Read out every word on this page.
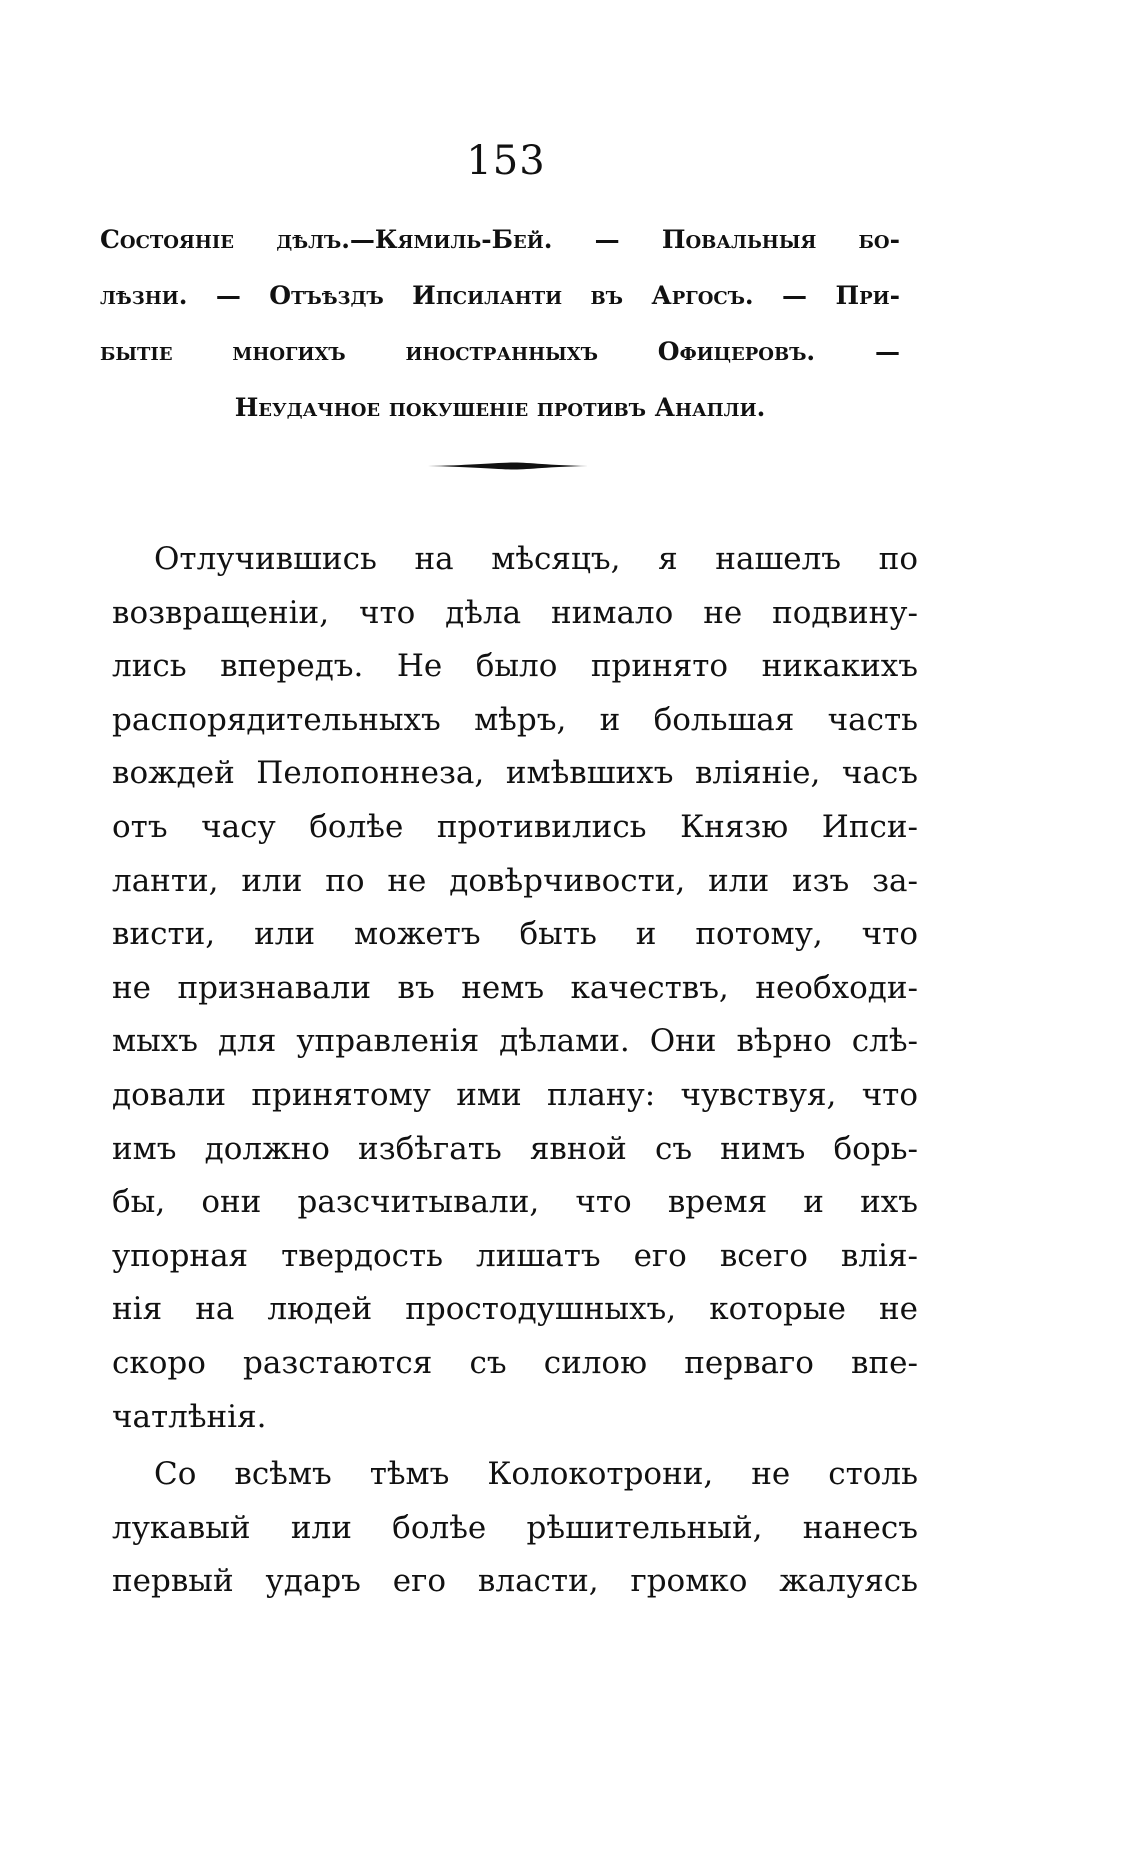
153
Состояніе дѣлъ.—Кямиль-Бей. — Повальныя бо-
лѣзни. — Отъѣздъ Ипсиланти въ Аргосъ. — При-
бытіе многихъ иностранныхъ Офицеровъ. —
Неудачное покушеніе противъ Анапли.
Отлучившись на мѣсяцъ, я нашелъ по
возвращеніи, что дѣла нимало не подвину-
лись впередъ. Не было принято никакихъ
распорядительныхъ мѣръ, и большая часть
вождей Пелопоннеза, имѣвшихъ вліяніе, часъ
отъ часу болѣе противились Князю Ипси-
ланти, или по не довѣрчивости, или изъ за-
висти, или можетъ быть и потому, что
не признавали въ немъ качествъ, необходи-
мыхъ для управленія дѣлами. Они вѣрно слѣ-
довали принятому ими плану: чувствуя, что
имъ должно избѣгать явной съ нимъ борь-
бы, они разсчитывали, что время и ихъ
упорная твердость лишатъ его всего влія-
нія на людей простодушныхъ, которые не
скоро разстаются съ силою перваго впе-
чатлѣнія.
Со всѣмъ тѣмъ Колокотрони, не столь
лукавый или болѣе рѣшительный, нанесъ
первый ударъ его власти, громко жалуясь
